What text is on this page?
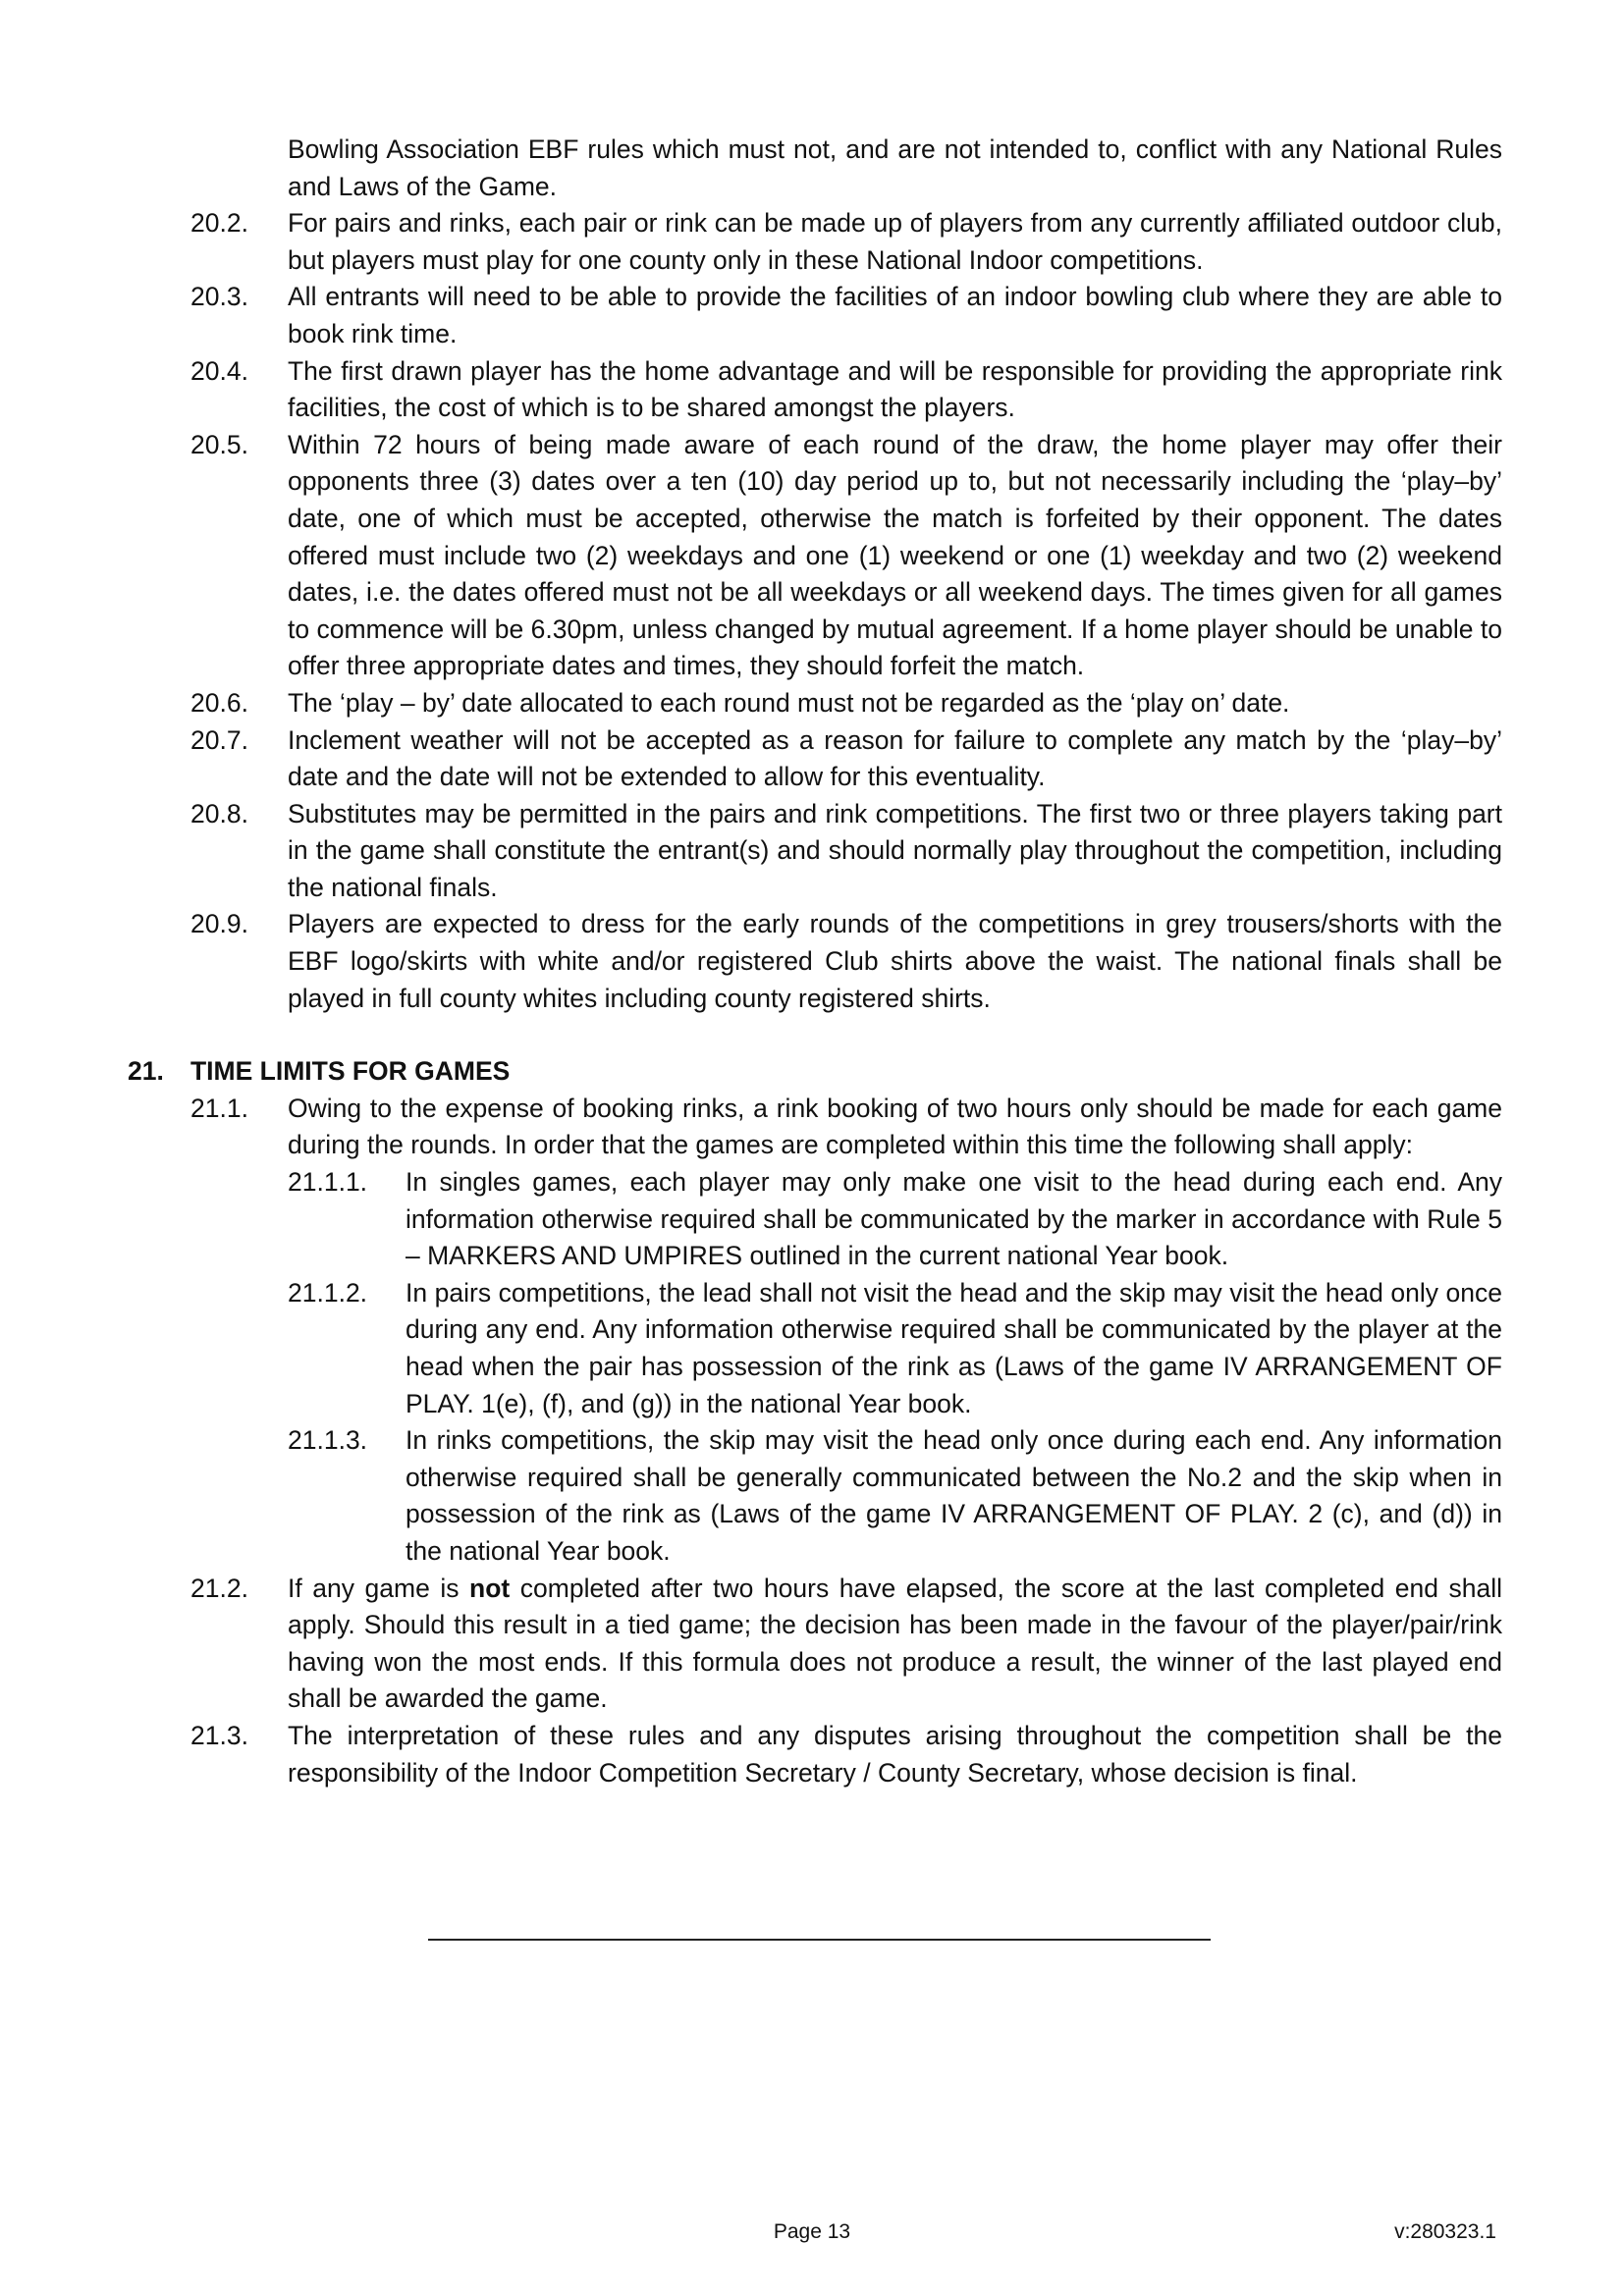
Bowling Association EBF rules which must not, and are not intended to, conflict with any National Rules and Laws of the Game.
20.2. For pairs and rinks, each pair or rink can be made up of players from any currently affiliated outdoor club, but players must play for one county only in these National Indoor competitions.
20.3. All entrants will need to be able to provide the facilities of an indoor bowling club where they are able to book rink time.
20.4. The first drawn player has the home advantage and will be responsible for providing the appropriate rink facilities, the cost of which is to be shared amongst the players.
20.5. Within 72 hours of being made aware of each round of the draw, the home player may offer their opponents three (3) dates over a ten (10) day period up to, but not necessarily including the ‘play–by’ date, one of which must be accepted, otherwise the match is forfeited by their opponent. The dates offered must include two (2) weekdays and one (1) weekend or one (1) weekday and two (2) weekend dates, i.e. the dates offered must not be all weekdays or all weekend days. The times given for all games to commence will be 6.30pm, unless changed by mutual agreement. If a home player should be unable to offer three appropriate dates and times, they should forfeit the match.
20.6. The ‘play – by’ date allocated to each round must not be regarded as the ‘play on’ date.
20.7. Inclement weather will not be accepted as a reason for failure to complete any match by the ‘play–by’ date and the date will not be extended to allow for this eventuality.
20.8. Substitutes may be permitted in the pairs and rink competitions. The first two or three players taking part in the game shall constitute the entrant(s) and should normally play throughout the competition, including the national finals.
20.9. Players are expected to dress for the early rounds of the competitions in grey trousers/shorts with the EBF logo/skirts with white and/or registered Club shirts above the waist. The national finals shall be played in full county whites including county registered shirts.
21. TIME LIMITS FOR GAMES
21.1. Owing to the expense of booking rinks, a rink booking of two hours only should be made for each game during the rounds. In order that the games are completed within this time the following shall apply:
21.1.1. In singles games, each player may only make one visit to the head during each end. Any information otherwise required shall be communicated by the marker in accordance with Rule 5 – MARKERS AND UMPIRES outlined in the current national Year book.
21.1.2. In pairs competitions, the lead shall not visit the head and the skip may visit the head only once during any end. Any information otherwise required shall be communicated by the player at the head when the pair has possession of the rink as (Laws of the game IV ARRANGEMENT OF PLAY. 1(e), (f), and (g)) in the national Year book.
21.1.3. In rinks competitions, the skip may visit the head only once during each end. Any information otherwise required shall be generally communicated between the No.2 and the skip when in possession of the rink as (Laws of the game IV ARRANGEMENT OF PLAY. 2 (c), and (d)) in the national Year book.
21.2. If any game is not completed after two hours have elapsed, the score at the last completed end shall apply. Should this result in a tied game; the decision has been made in the favour of the player/pair/rink having won the most ends. If this formula does not produce a result, the winner of the last played end shall be awarded the game.
21.3. The interpretation of these rules and any disputes arising throughout the competition shall be the responsibility of the Indoor Competition Secretary / County Secretary, whose decision is final.
Page 13	v:280323.1
